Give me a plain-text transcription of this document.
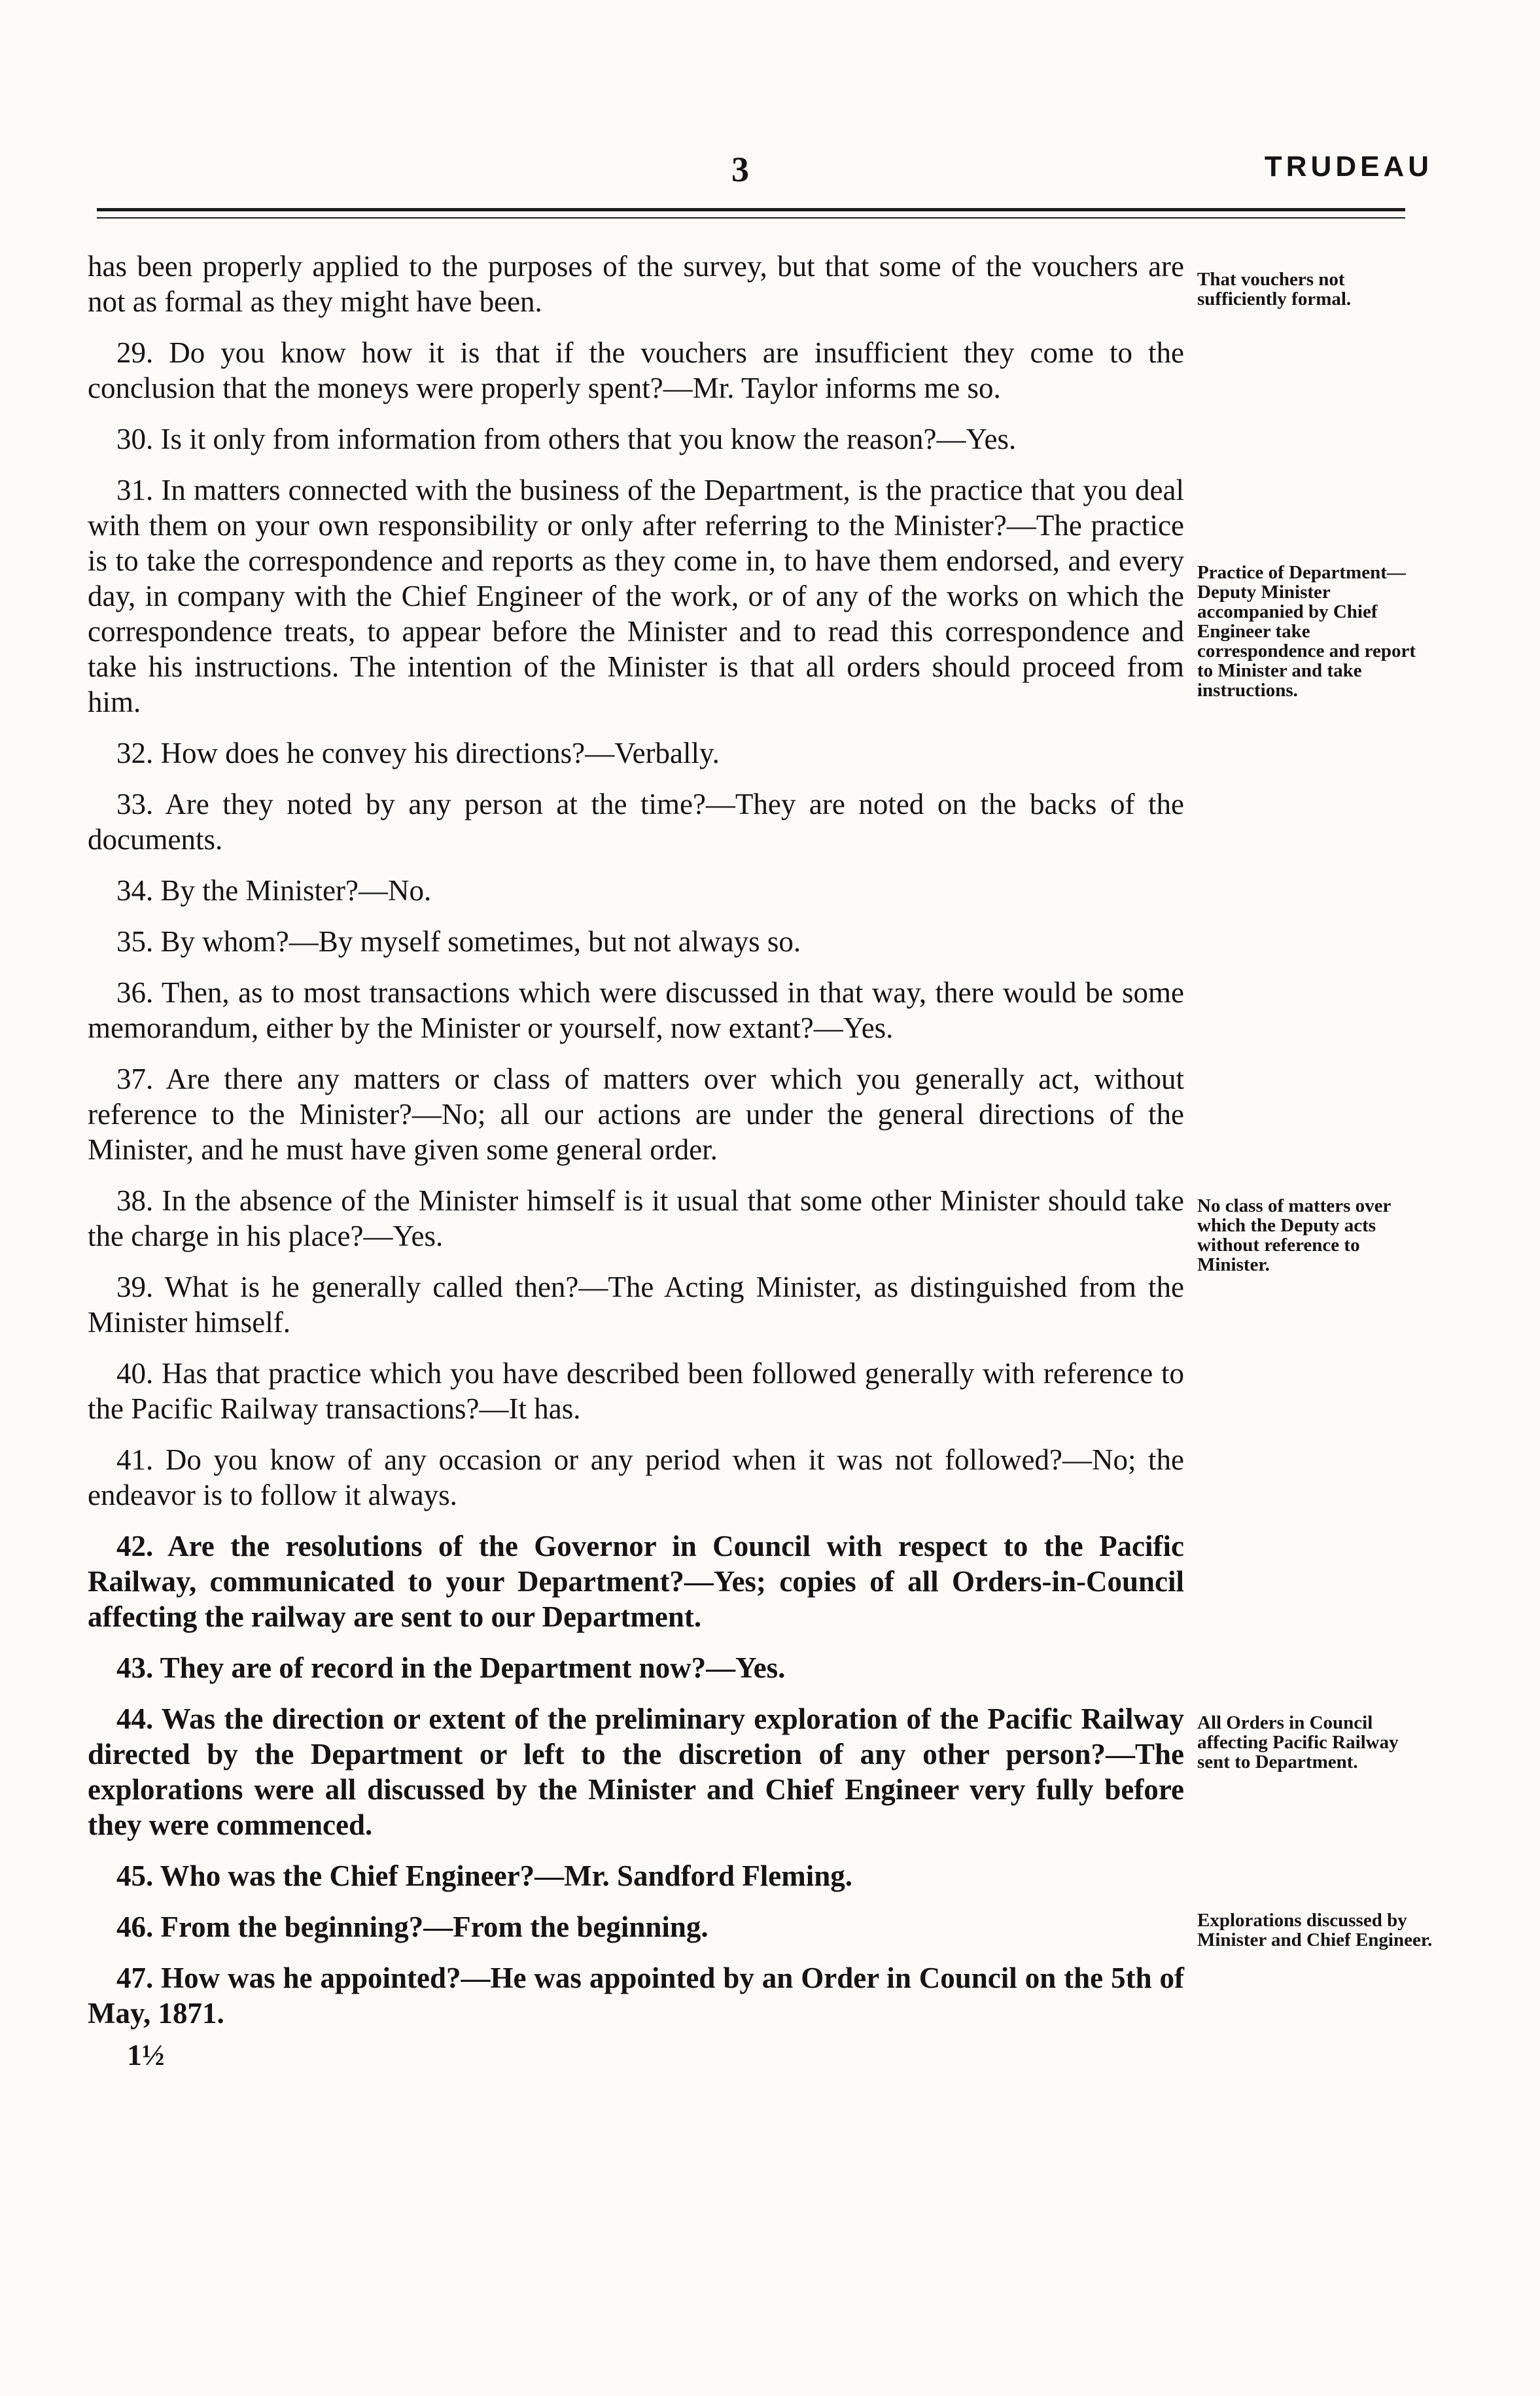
3	TRUDEAU

has been properly applied to the purposes of the survey, but that some of the vouchers are not as formal as they might have been.

29. Do you know how it is that if the vouchers are insufficient they come to the conclusion that the moneys were properly spent?—Mr. Taylor informs me so.

30. Is it only from information from others that you know the reason?—Yes.

31. In matters connected with the business of the Department, is the practice that you deal with them on your own responsibility or only after referring to the Minister?—The practice is to take the correspondence and reports as they come in, to have them endorsed, and every day, in company with the Chief Engineer of the work, or of any of the works on which the correspondence treats, to appear before the Minister and to read this correspondence and take his instructions. The intention of the Minister is that all orders should proceed from him.

32. How does he convey his directions?—Verbally.

33. Are they noted by any person at the time?—They are noted on the backs of the documents.

34. By the Minister?—No.

35. By whom?—By myself sometimes, but not always so.

36. Then, as to most transactions which were discussed in that way, there would be some memorandum, either by the Minister or yourself, now extant?—Yes.

37. Are there any matters or class of matters over which you generally act, without reference to the Minister?—No; all our actions are under the general directions of the Minister, and he must have given some general order.

38. In the absence of the Minister himself is it usual that some other Minister should take the charge in his place?—Yes.

39. What is he generally called then?—The Acting Minister, as distinguished from the Minister himself.

40. Has that practice which you have described been followed generally with reference to the Pacific Railway transactions?—It has.

41. Do you know of any occasion or any period when it was not followed?—No; the endeavor is to follow it always.

42. Are the resolutions of the Governor in Council with respect to the Pacific Railway, communicated to your Department?—Yes; copies of all Orders-in-Council affecting the railway are sent to our Department.

43. They are of record in the Department now?—Yes.

44. Was the direction or extent of the preliminary exploration of the Pacific Railway directed by the Department or left to the discretion of any other person?—The explorations were all discussed by the Minister and Chief Engineer very fully before they were commenced.

45. Who was the Chief Engineer?—Mr. Sandford Fleming.

46. From the beginning?—From the beginning.

47. How was he appointed?—He was appointed by an Order in Council on the 5th of May, 1871.

1½
That vouchers not sufficiently formal.
Practice of Department—Deputy Minister accompanied by Chief Engineer take correspondence and report to Minister and take instructions.
No class of matters over which the Deputy acts without reference to Minister.
All Orders in Council affecting Pacific Railway sent to Department.
Explorations discussed by Minister and Chief Engineer.
